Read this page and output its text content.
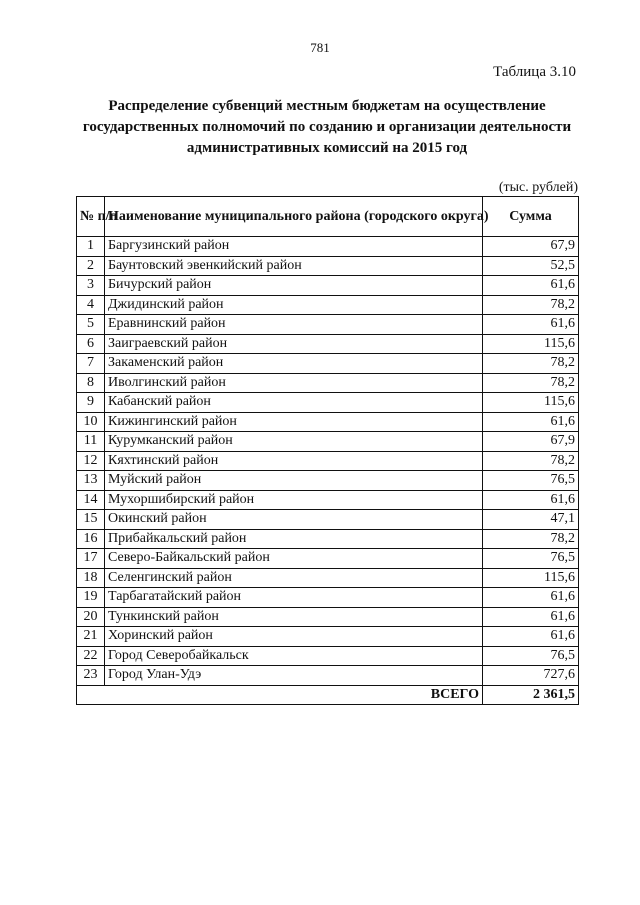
781
Таблица 3.10
Распределение субвенций местным бюджетам на осуществление государственных полномочий по созданию и организации деятельности административных комиссий на 2015 год
(тыс. рублей)
№ п/п	Наименование муниципального района (городского округа)	Сумма
1	Баргузинский район	67,9
2	Баунтовский эвенкийский район	52,5
3	Бичурский район	61,6
4	Джидинский район	78,2
5	Еравнинский район	61,6
6	Заиграевский район	115,6
7	Закаменский район	78,2
8	Иволгинский район	78,2
9	Кабанский район	115,6
10	Кижингинский район	61,6
11	Курумканский район	67,9
12	Кяхтинский район	78,2
13	Муйский район	76,5
14	Мухоршибирский район	61,6
15	Окинский район	47,1
16	Прибайкальский район	78,2
17	Северо-Байкальский район	76,5
18	Селенгинский район	115,6
19	Тарбагатайский район	61,6
20	Тункинский район	61,6
21	Хоринский район	61,6
22	Город Северобайкальск	76,5
23	Город Улан-Удэ	727,6
ВСЕГО		2 361,5
